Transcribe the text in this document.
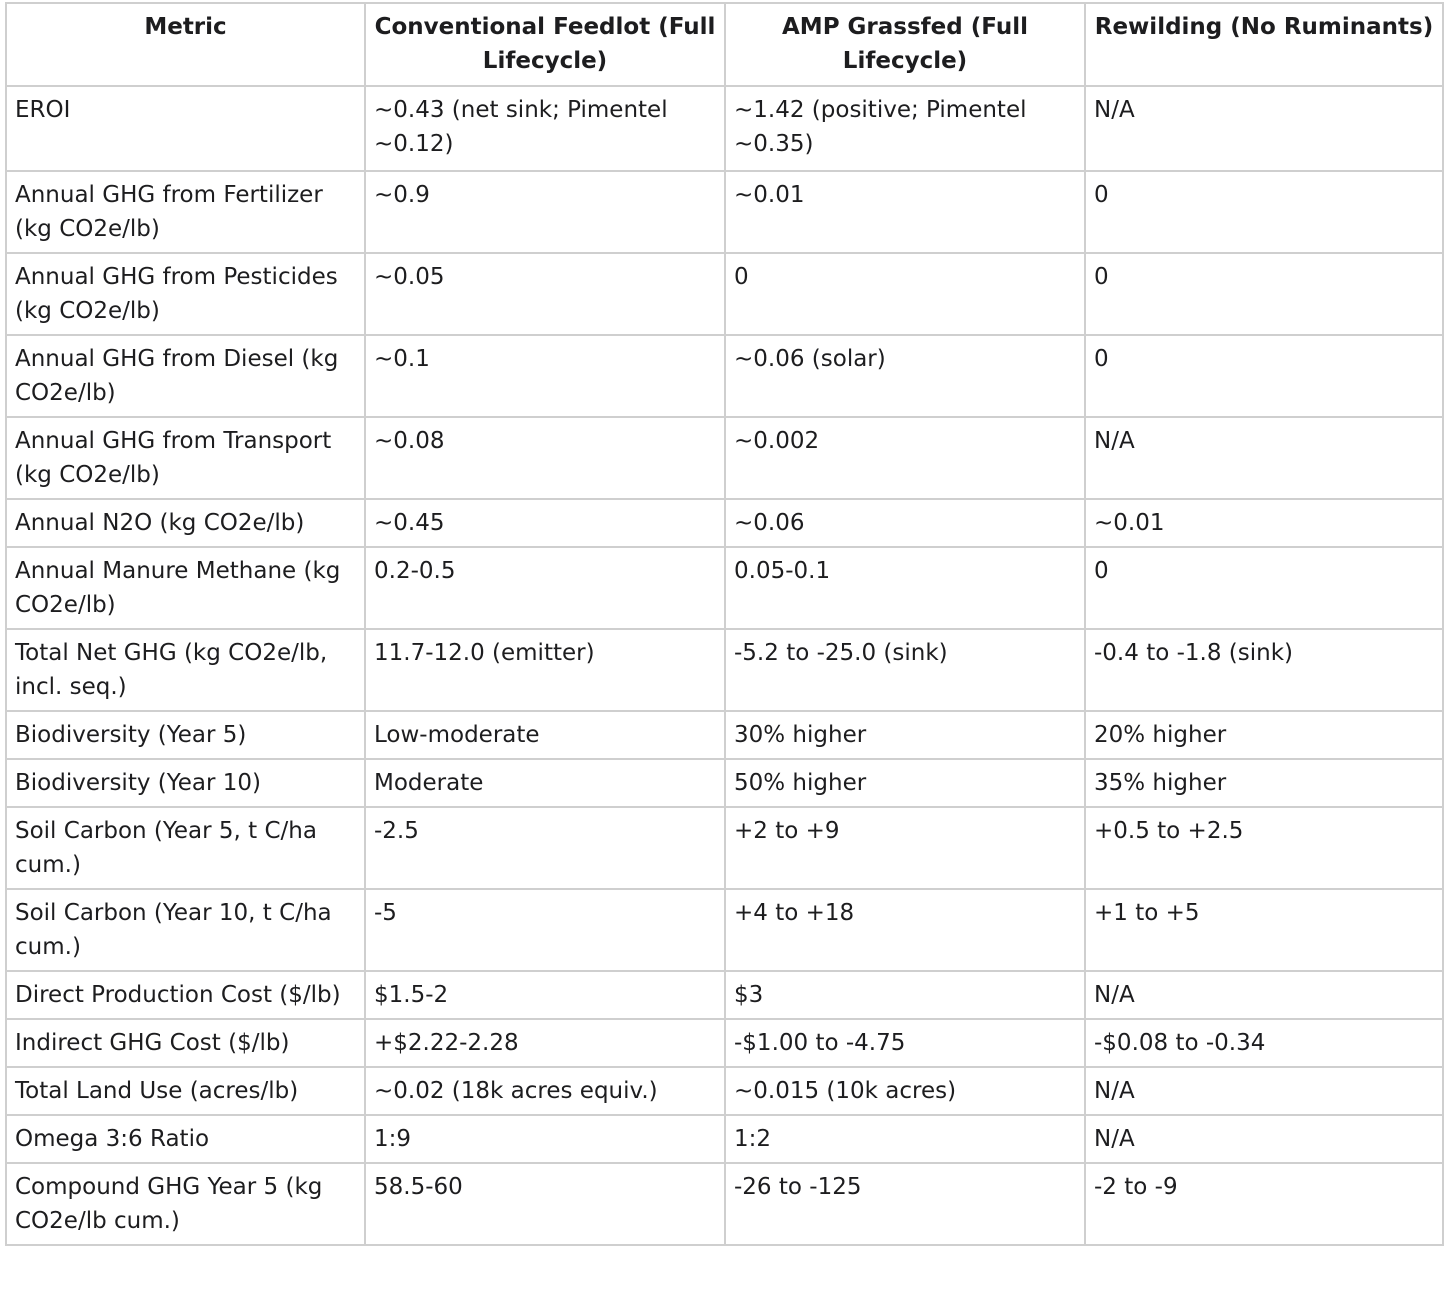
Metric	Conventional Feedlot (Full Lifecycle)	AMP Grassfed (Full Lifecycle)	Rewilding (No Ruminants)
EROI	~0.43 (net sink; Pimentel ~0.12)	~1.42 (positive; Pimentel ~0.35)	N/A
Annual GHG from Fertilizer (kg CO2e/lb)	~0.9	~0.01	0
Annual GHG from Pesticides (kg CO2e/lb)	~0.05	0	0
Annual GHG from Diesel (kg CO2e/lb)	~0.1	~0.06 (solar)	0
Annual GHG from Transport (kg CO2e/lb)	~0.08	~0.002	N/A
Annual N2O (kg CO2e/lb)	~0.45	~0.06	~0.01
Annual Manure Methane (kg CO2e/lb)	0.2-0.5	0.05-0.1	0
Total Net GHG (kg CO2e/lb, incl. seq.)	11.7-12.0 (emitter)	-5.2 to -25.0 (sink)	-0.4 to -1.8 (sink)
Biodiversity (Year 5)	Low-moderate	30% higher	20% higher
Biodiversity (Year 10)	Moderate	50% higher	35% higher
Soil Carbon (Year 5, t C/ha cum.)	-2.5	+2 to +9	+0.5 to +2.5
Soil Carbon (Year 10, t C/ha cum.)	-5	+4 to +18	+1 to +5
Direct Production Cost ($/lb)	$1.5-2	$3	N/A
Indirect GHG Cost ($/lb)	+$2.22-2.28	-$1.00 to -4.75	-$0.08 to -0.34
Total Land Use (acres/lb)	~0.02 (18k acres equiv.)	~0.015 (10k acres)	N/A
Omega 3:6 Ratio	1:9	1:2	N/A
Compound GHG Year 5 (kg CO2e/lb cum.)	58.5-60	-26 to -125	-2 to -9
